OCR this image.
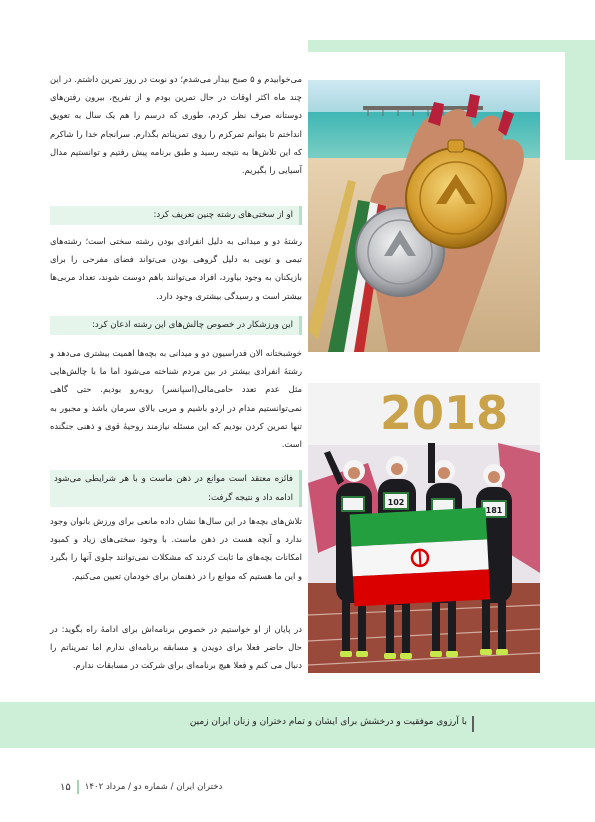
می‌خوابیدم و ۵ صبح بیدار می‌شدم؛ دو نوبت در روز تمرین داشتم. در این چند ماه اکثر اوقات در حال تمرین بودم و از تفریح، بیرون رفتن‌های دوستانه صرف نظر کردم، طوری که درسم را هم یک سال به تعویق انداختم تا بتوانم تمرکزم را روی تمریناتم بگذارم. سرانجام خدا را شاکرم که این تلاش‌ها به نتیجه رسید و طبق برنامه پیش رفتیم و توانستیم مدال آسیایی را بگیریم.

او از سختی‌های رشته چنین تعریف کرد:

رشتهٔ دو و میدانی به دلیل انفرادی بودن رشته سختی است؛ رشته‌های تیمی و تویی به دلیل گروهی بودن می‌تواند فضای مفرحی را برای بازیکنان به وجود بیاورد، افراد می‌توانند باهم دوست شوند، تعداد مربی‌ها بیشتر است و رسیدگی بیشتری وجود دارد.

این ورزشکار در خصوص چالش‌های این رشته اذعان کرد:

خوشبختانه الان فدراسیون دو و میدانی به بچه‌ها اهمیت بیشتری می‌دهد و رشتهٔ انفرادی بیشتر در بین مردم شناخته می‌شود اما ما با چالش‌هایی مثل عدم تعدد حامی‌مالی(اسپانسر) روبه‌رو بودیم. حتی گاهی نمی‌توانستیم مدام در اردو باشیم و مربی بالای سرمان باشد و مجبور به تنها تمرین کردن بودیم که این مسئله نیازمند روحیهٔ قوی و ذهنی جنگنده است.

فائزه معتقد است موانع در ذهن ماست و با هر شرایطی می‌شود ادامه داد و نتیجه گرفت:

تلاش‌های بچه‌ها در این سال‌ها نشان داده مانعی برای ورزش بانوان وجود ندارد و آنچه هست در ذهن ماست. با وجود سختی‌های زیاد و کمبود امکانات بچه‌های ما ثابت کردند که مشکلات نمی‌توانند جلوی آنها را بگیرد و این ما هستیم که موانع را در ذهنمان برای خودمان تعیین می‌کنیم.

در پایان از او خواستیم در خصوص برنامه‌اش برای ادامهٔ راه بگوید: در حال حاضر فعلا برای دویدن و مسابقه برنامه‌ای ندارم اما تمریناتم را دنبال می کنم و فعلا هیچ برنامه‌ای برای شرکت در مسابقات ندارم.

2018
102
181
با آرزوی موفقیت و درخشش برای ایشان و تمام دختران و زنان ایران زمین
دختران ایران / شماره دو / مرداد ۱۴۰۲
۱۵
